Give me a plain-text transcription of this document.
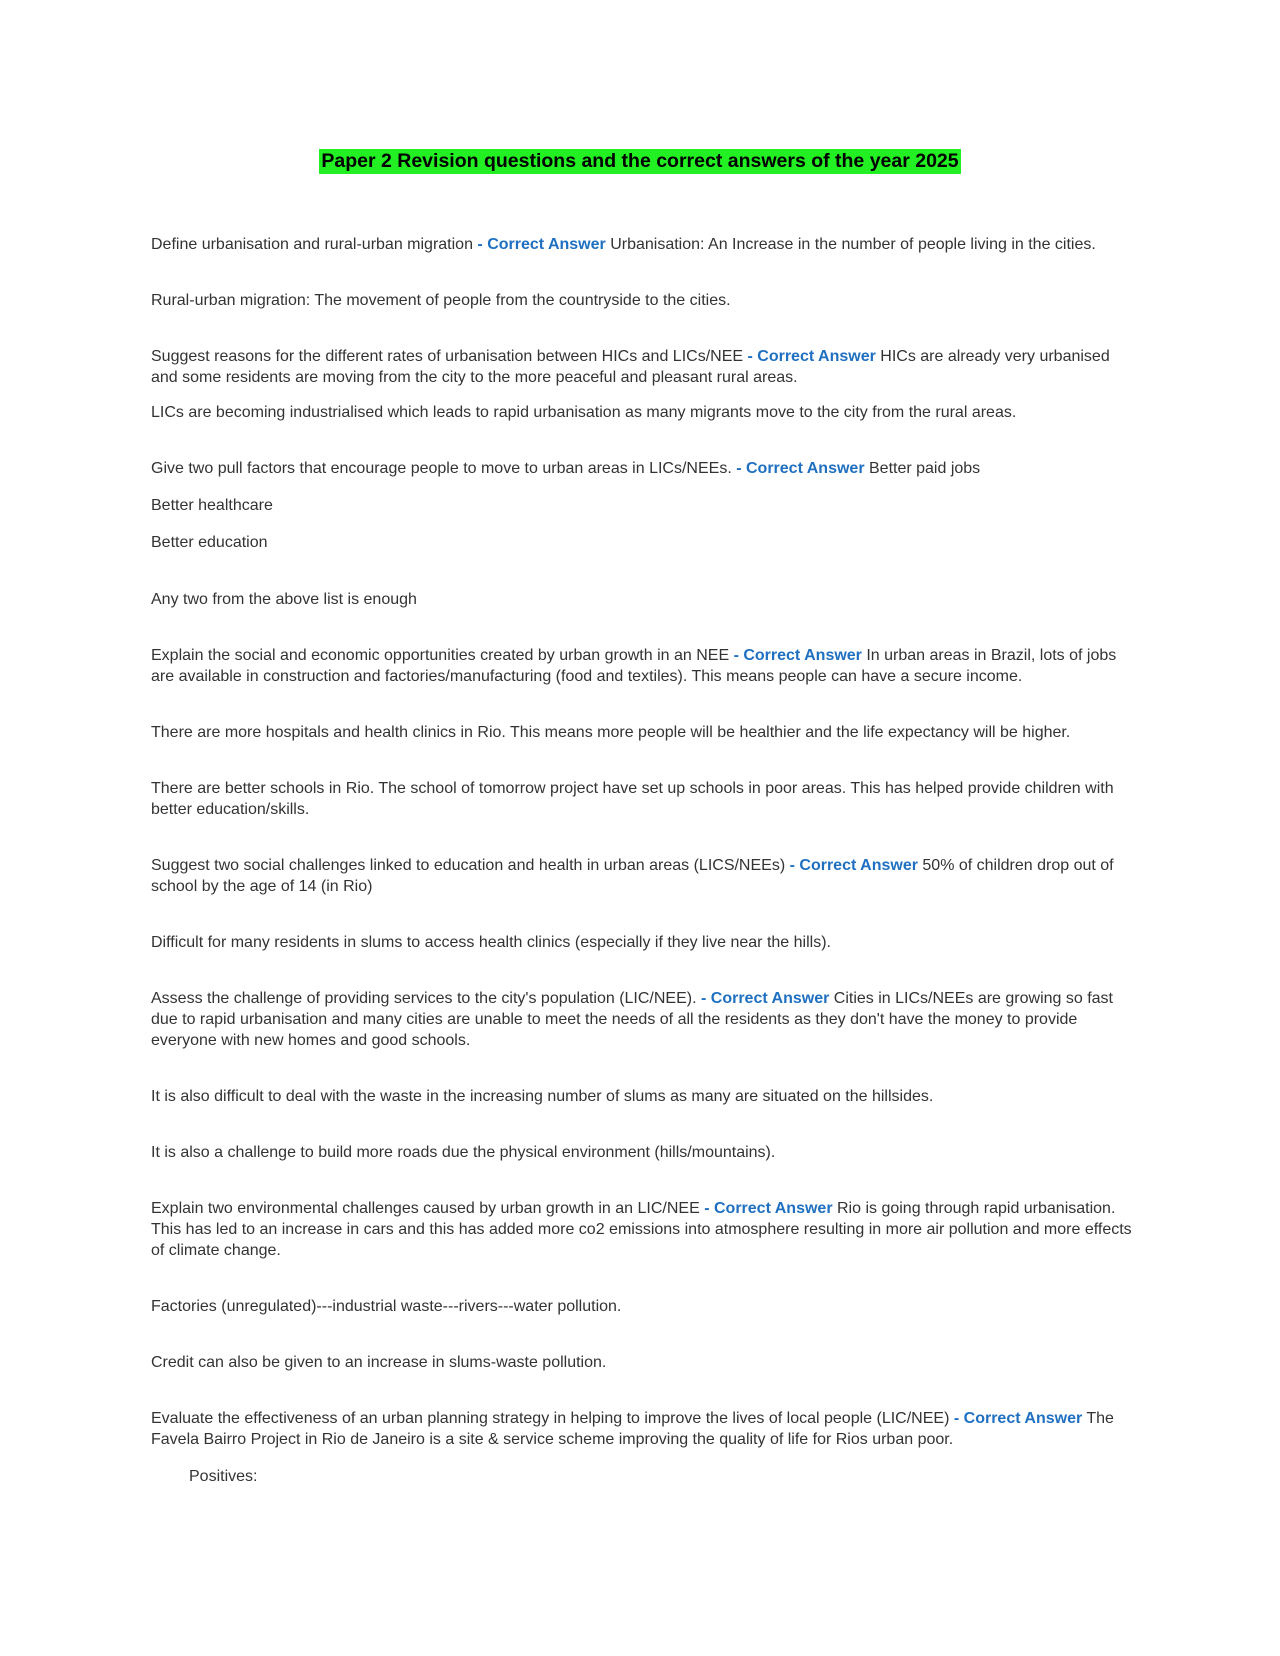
Paper 2 Revision questions and the correct answers of the year 2025

Define urbanisation and rural-urban migration - Correct Answer Urbanisation: An Increase in the number of people living in the cities.

Rural-urban migration: The movement of people from the countryside to the cities.

Suggest reasons for the different rates of urbanisation between HICs and LICs/NEE - Correct Answer HICs are already very urbanised and some residents are moving from the city to the more peaceful and pleasant rural areas.

LICs are becoming industrialised which leads to rapid urbanisation as many migrants move to the city from the rural areas.

Give two pull factors that encourage people to move to urban areas in LICs/NEEs. - Correct Answer Better paid jobs

Better healthcare

Better education

Any two from the above list is enough

Explain the social and economic opportunities created by urban growth in an NEE - Correct Answer In urban areas in Brazil, lots of jobs are available in construction and factories/manufacturing (food and textiles). This means people can have a secure income.

There are more hospitals and health clinics in Rio. This means more people will be healthier and the life expectancy will be higher.

There are better schools in Rio. The school of tomorrow project have set up schools in poor areas. This has helped provide children with better education/skills.

Suggest two social challenges linked to education and health in urban areas (LICS/NEEs) - Correct Answer 50% of children drop out of school by the age of 14 (in Rio)

Difficult for many residents in slums to access health clinics (especially if they live near the hills).

Assess the challenge of providing services to the city's population (LIC/NEE). - Correct Answer Cities in LICs/NEEs are growing so fast due to rapid urbanisation and many cities are unable to meet the needs of all the residents as they don't have the money to provide everyone with new homes and good schools.

It is also difficult to deal with the waste in the increasing number of slums as many are situated on the hillsides.

It is also a challenge to build more roads due the physical environment (hills/mountains).

Explain two environmental challenges caused by urban growth in an LIC/NEE - Correct Answer Rio is going through rapid urbanisation. This has led to an increase in cars and this has added more co2 emissions into atmosphere resulting in more air pollution and more effects of climate change.

Factories (unregulated)---industrial waste---rivers---water pollution.

Credit can also be given to an increase in slums-waste pollution.

Evaluate the effectiveness of an urban planning strategy in helping to improve the lives of local people (LIC/NEE) - Correct Answer The Favela Bairro Project in Rio de Janeiro is a site & service scheme improving the quality of life for Rios urban poor.

Positives:
